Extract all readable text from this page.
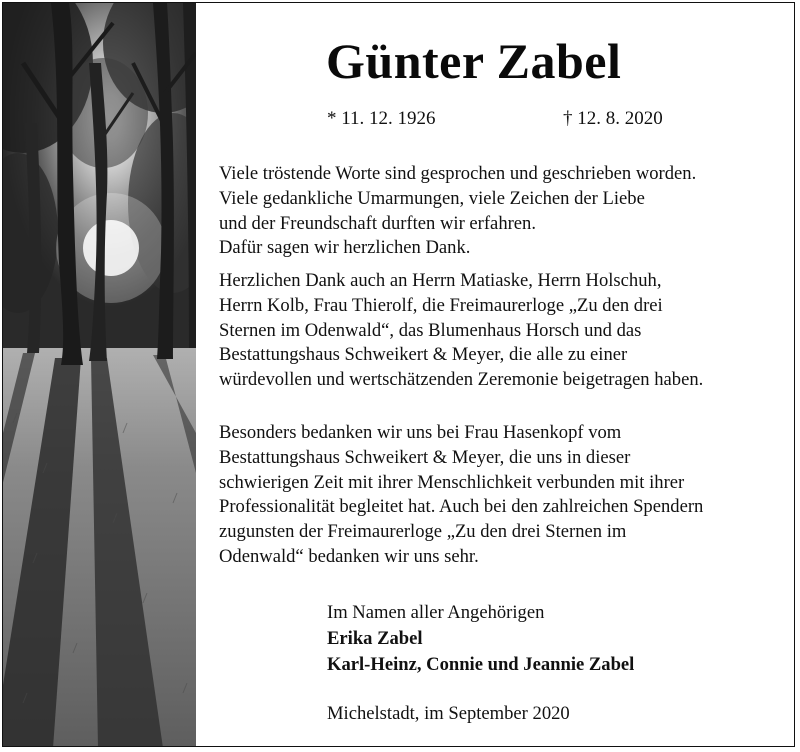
Günter Zabel
* 11. 12. 1926	† 12. 8. 2020

Viele tröstende Worte sind gesprochen und geschrieben worden.
Viele gedankliche Umarmungen, viele Zeichen der Liebe
und der Freundschaft durften wir erfahren.
Dafür sagen wir herzlichen Dank.

Herzlichen Dank auch an Herrn Matiaske, Herrn Holschuh,
Herrn Kolb, Frau Thierolf, die Freimaurerloge „Zu den drei
Sternen im Odenwald“, das Blumenhaus Horsch und das
Bestattungshaus Schweikert & Meyer, die alle zu einer
würdevollen und wertschätzenden Zeremonie beigetragen haben.

Besonders bedanken wir uns bei Frau Hasenkopf vom
Bestattungshaus Schweikert & Meyer, die uns in dieser
schwierigen Zeit mit ihrer Menschlichkeit verbunden mit ihrer
Professionalität begleitet hat. Auch bei den zahlreichen Spendern
zugunsten der Freimaurerloge „Zu den drei Sternen im
Odenwald“ bedanken wir uns sehr.

Im Namen aller Angehörigen
Erika Zabel
Karl-Heinz, Connie und Jeannie Zabel
Michelstadt, im September 2020
